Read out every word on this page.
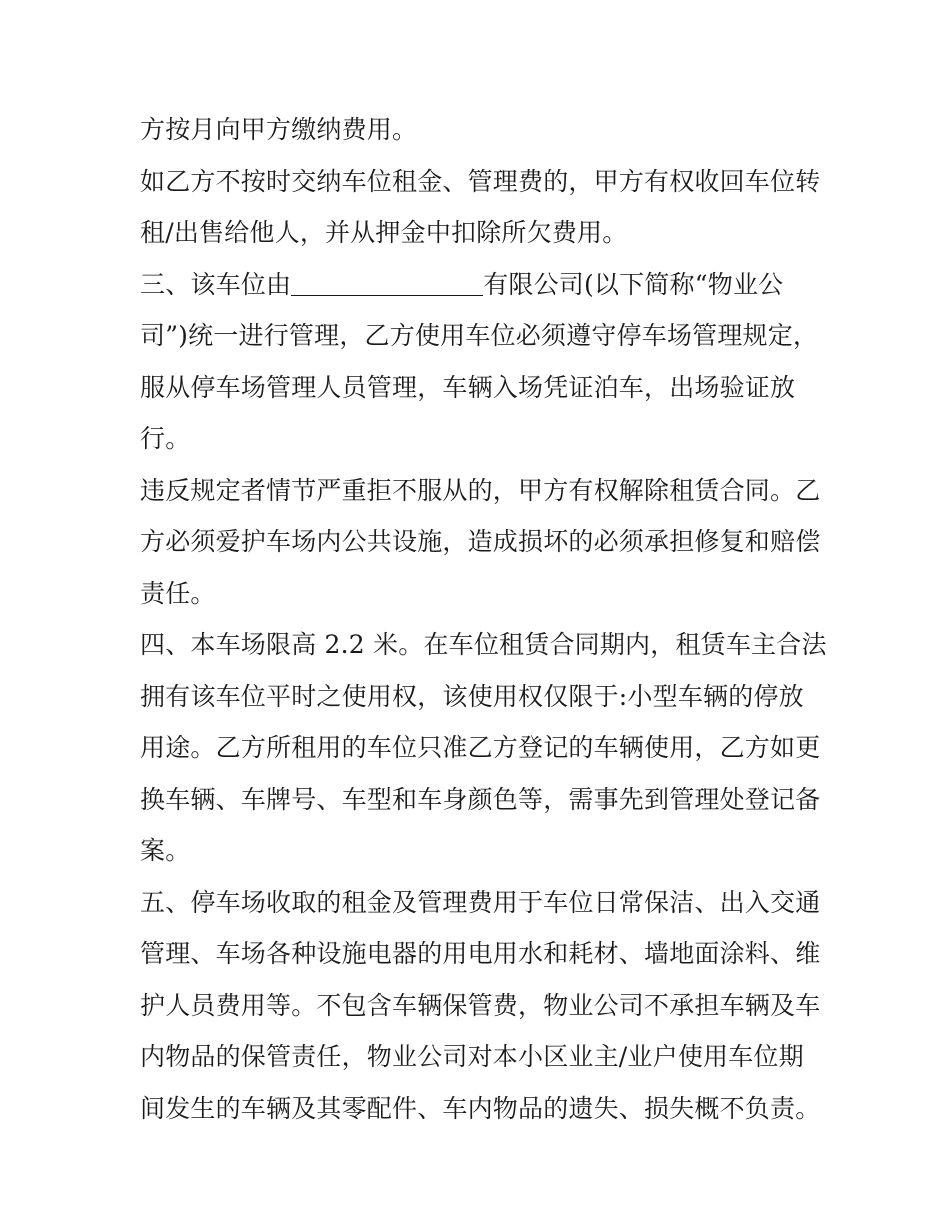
方按月向甲方缴纳费用。
如乙方不按时交纳车位租金、管理费的，甲方有权收回车位转
租/出售给他人，并从押金中扣除所欠费用。
三、该车位由	有限公司(以下简称“物业公
司”)统一进行管理，乙方使用车位必须遵守停车场管理规定，
服从停车场管理人员管理，车辆入场凭证泊车，出场验证放
行。
违反规定者情节严重拒不服从的，甲方有权解除租赁合同。乙
方必须爱护车场内公共设施，造成损坏的必须承担修复和赔偿
责任。
四、本车场限高 2.2 米。在车位租赁合同期内，租赁车主合法
拥有该车位平时之使用权，该使用权仅限于:小型车辆的停放
用途。乙方所租用的车位只准乙方登记的车辆使用，乙方如更
换车辆、车牌号、车型和车身颜色等，需事先到管理处登记备
案。
五、停车场收取的租金及管理费用于车位日常保洁、出入交通
管理、车场各种设施电器的用电用水和耗材、墙地面涂料、维
护人员费用等。不包含车辆保管费，物业公司不承担车辆及车
内物品的保管责任，物业公司对本小区业主/业户使用车位期
间发生的车辆及其零配件、车内物品的遗失、损失概不负责。
